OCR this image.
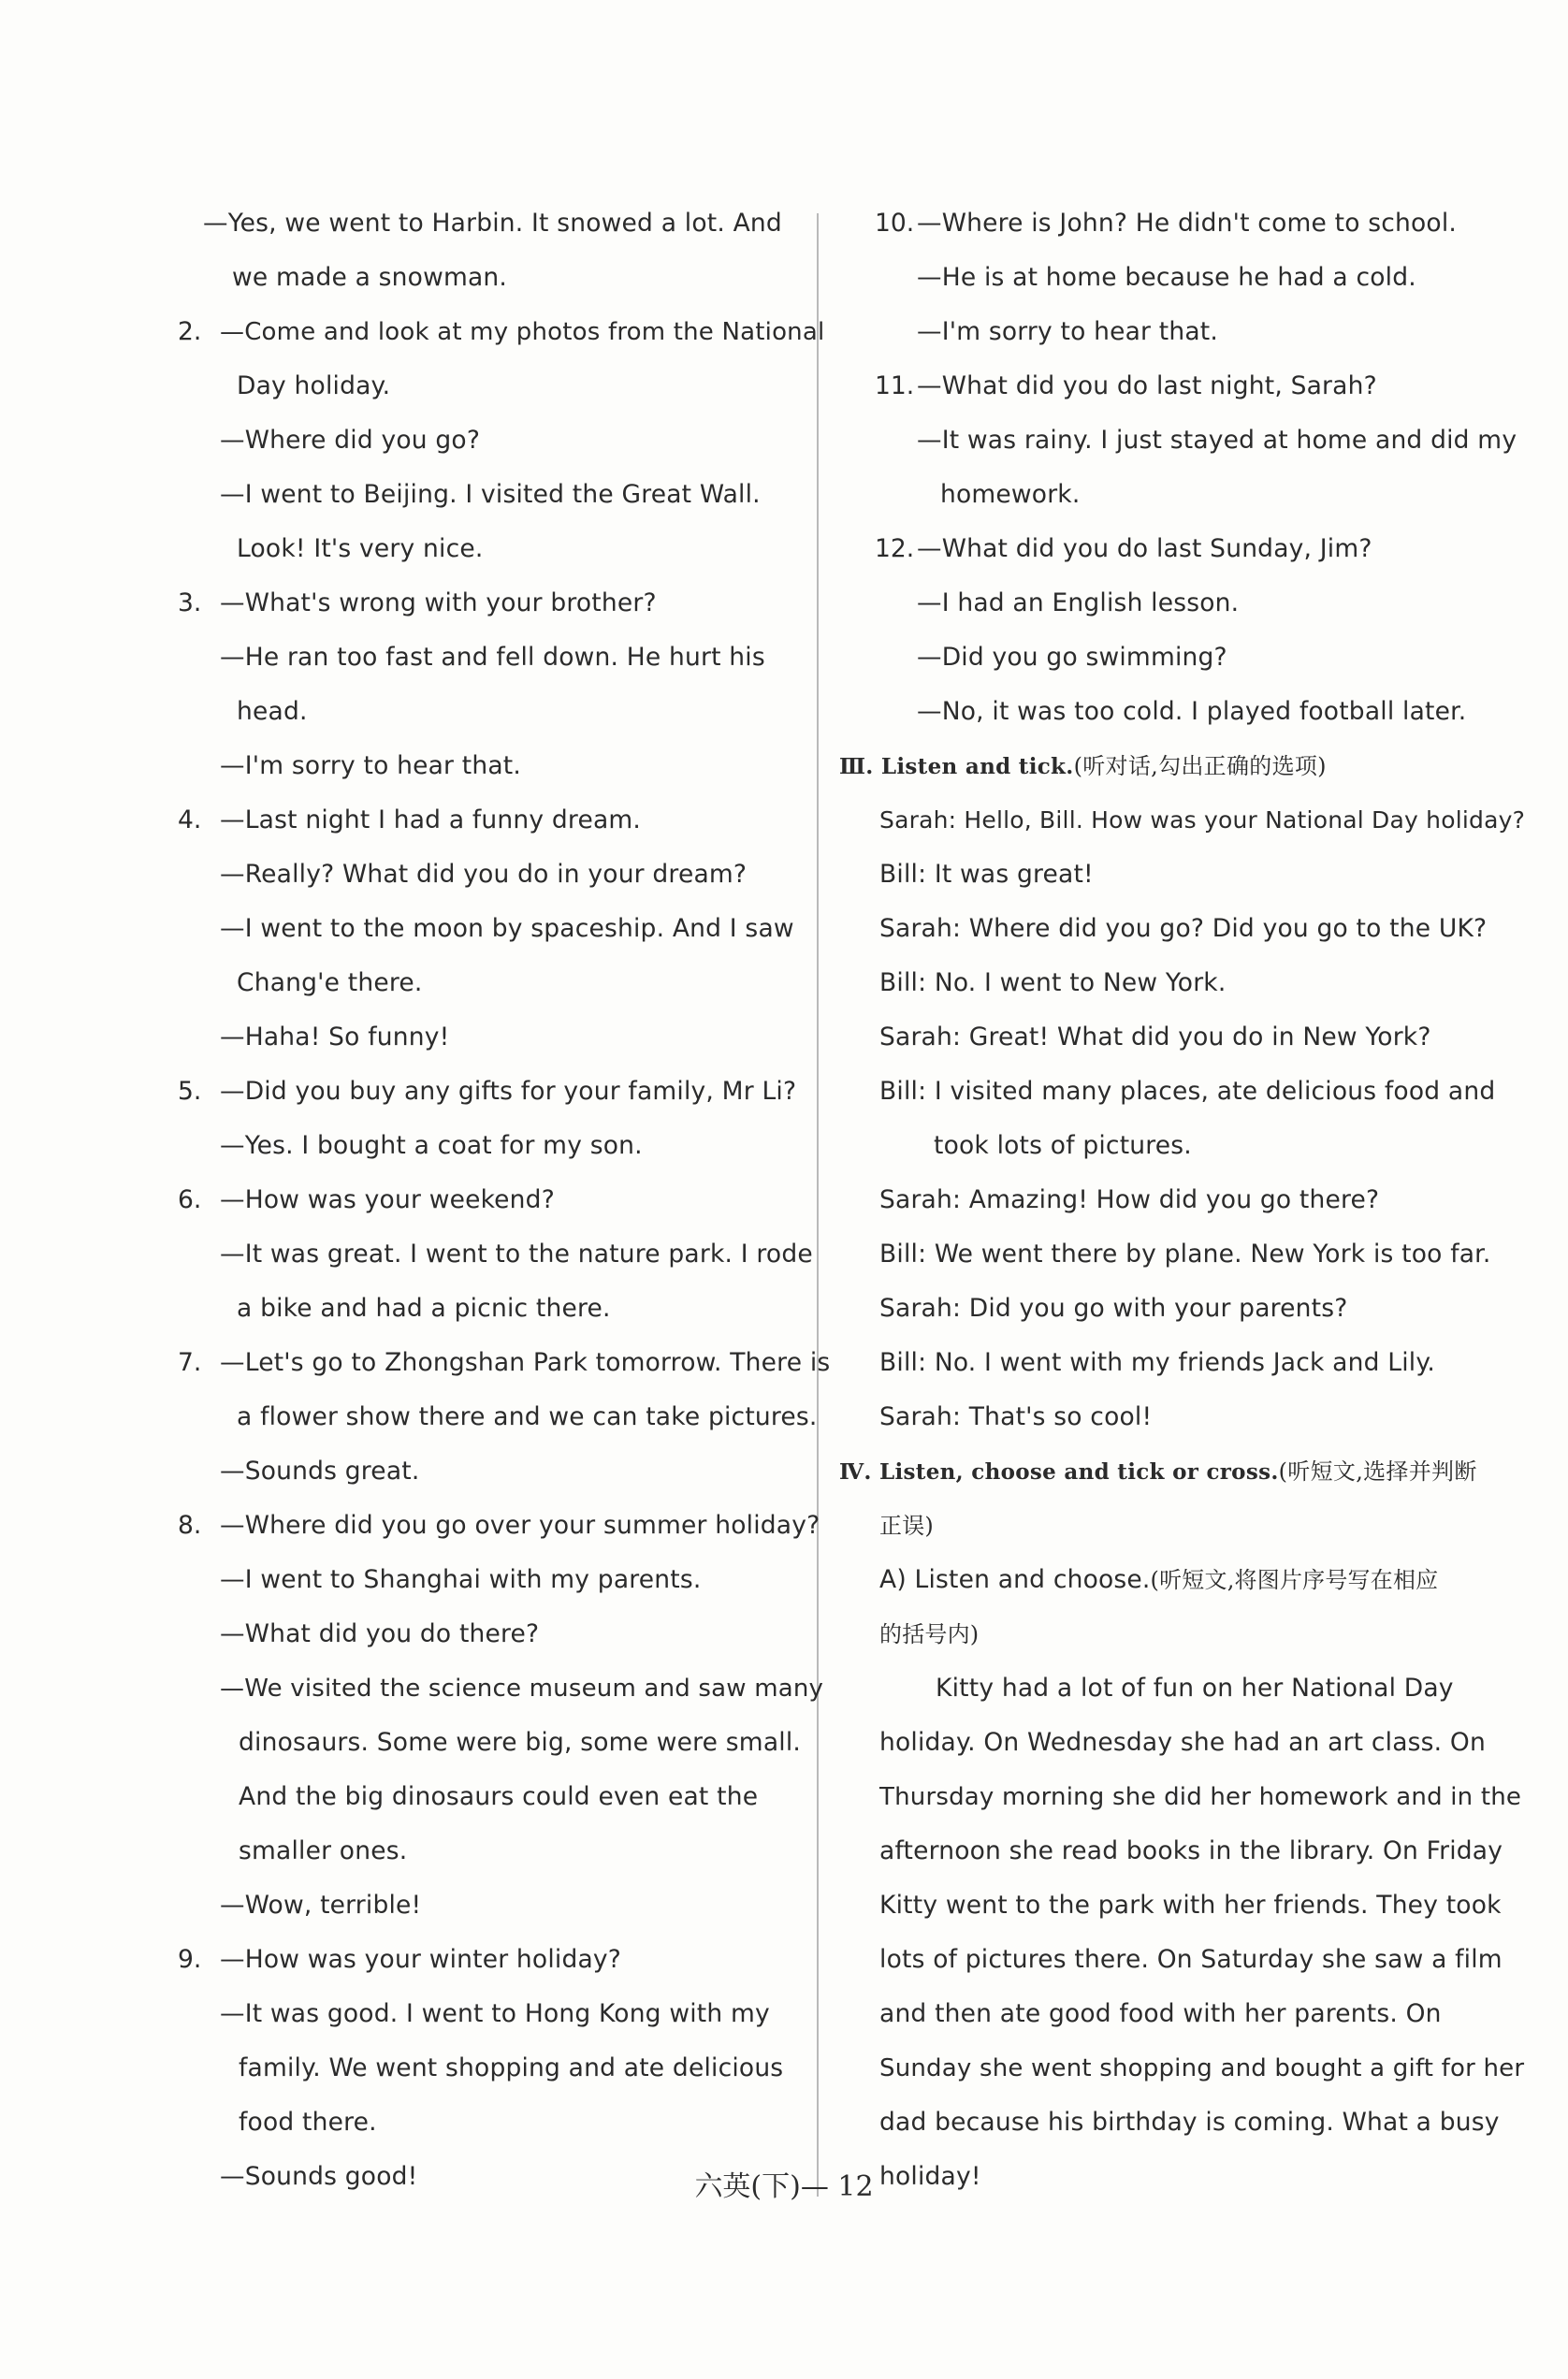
—Yes, we went to Harbin. It snowed a lot. And
we made a snowman.
2. —Come and look at my photos from the National
Day holiday.
—Where did you go?
—I went to Beijing. I visited the Great Wall.
Look! It's very nice.
3. —What's wrong with your brother?
—He ran too fast and fell down. He hurt his
head.
—I'm sorry to hear that.
4. —Last night I had a funny dream.
—Really? What did you do in your dream?
—I went to the moon by spaceship. And I saw
Chang'e there.
—Haha! So funny!
5. —Did you buy any gifts for your family, Mr Li?
—Yes. I bought a coat for my son.
6. —How was your weekend?
—It was great. I went to the nature park. I rode
a bike and had a picnic there.
7. —Let's go to Zhongshan Park tomorrow. There is
a flower show there and we can take pictures.
—Sounds great.
8. —Where did you go over your summer holiday?
—I went to Shanghai with my parents.
—What did you do there?
—We visited the science museum and saw many
dinosaurs. Some were big, some were small.
And the big dinosaurs could even eat the
smaller ones.
—Wow, terrible!
9. —How was your winter holiday?
—It was good. I went to Hong Kong with my
family. We went shopping and ate delicious
food there.
—Sounds good!
10. —Where is John? He didn't come to school.
—He is at home because he had a cold.
—I'm sorry to hear that.
11. —What did you do last night, Sarah?
—It was rainy. I just stayed at home and did my
homework.
12. —What did you do last Sunday, Jim?
—I had an English lesson.
—Did you go swimming?
—No, it was too cold. I played football later.
Ⅲ. Listen and tick.(听对话,勾出正确的选项)
Sarah: Hello, Bill. How was your National Day holiday?
Bill: It was great!
Sarah: Where did you go? Did you go to the UK?
Bill: No. I went to New York.
Sarah: Great! What did you do in New York?
Bill: I visited many places, ate delicious food and
took lots of pictures.
Sarah: Amazing! How did you go there?
Bill: We went there by plane. New York is too far.
Sarah: Did you go with your parents?
Bill: No. I went with my friends Jack and Lily.
Sarah: That's so cool!
Ⅳ. Listen, choose and tick or cross.(听短文,选择并判断
正误)
A) Listen and choose.(听短文,将图片序号写在相应
的括号内)
Kitty had a lot of fun on her National Day
holiday. On Wednesday she had an art class. On
Thursday morning she did her homework and in the
afternoon she read books in the library. On Friday
Kitty went to the park with her friends. They took
lots of pictures there. On Saturday she saw a film
and then ate good food with her parents. On
Sunday she went shopping and bought a gift for her
dad because his birthday is coming. What a busy
holiday!
六英(下)— 12
